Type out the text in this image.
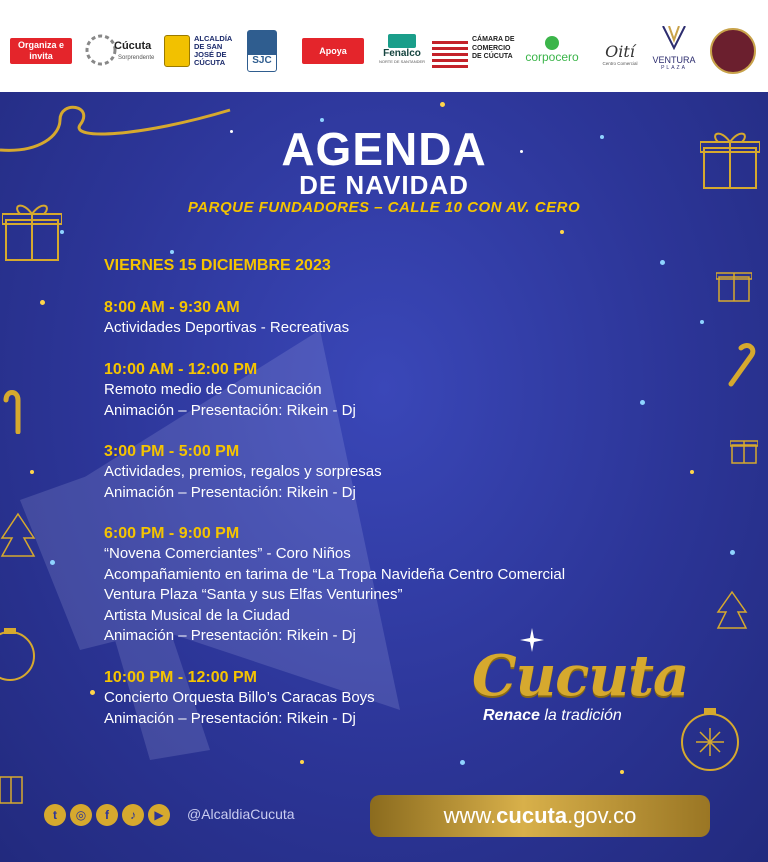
Organiza e invita
Cúcuta
Sorprendente
ALCALDÍA DE SAN JOSÉ DE CÚCUTA	SJC
Apoya	Fenalco
NORTE DE SANTANDER
CÁMARA DE COMERCIO DE CÚCUTA	corpocero	Oití
Centro Comercial VENTURA
PLAZA
AGENDA
DE NAVIDAD
PARQUE FUNDADORES – CALLE 10 CON AV. CERO
VIERNES 15 DICIEMBRE 2023
8:00 AM - 9:30 AM
Actividades Deportivas - Recreativas
10:00 AM - 12:00 PM
Remoto medio de Comunicación
Animación – Presentación: Rikein - Dj
3:00 PM - 5:00 PM
Actividades, premios, regalos y sorpresas
Animación – Presentación: Rikein - Dj
6:00 PM - 9:00 PM
“Novena Comerciantes” - Coro Niños
Acompañamiento en tarima de “La Tropa Navideña Centro Comercial
Ventura Plaza “Santa y sus Elfas Venturines”
Artista Musical de la Ciudad
Animación – Presentación: Rikein - Dj
10:00 PM - 12:00 PM
Concierto Orquesta Billo’s Caracas Boys
Animación – Presentación: Rikein - Dj
Cucuta
Renace la tradición
t	◎	f	♪	▶	@AlcaldiaCucuta	www.cucuta.gov.co
